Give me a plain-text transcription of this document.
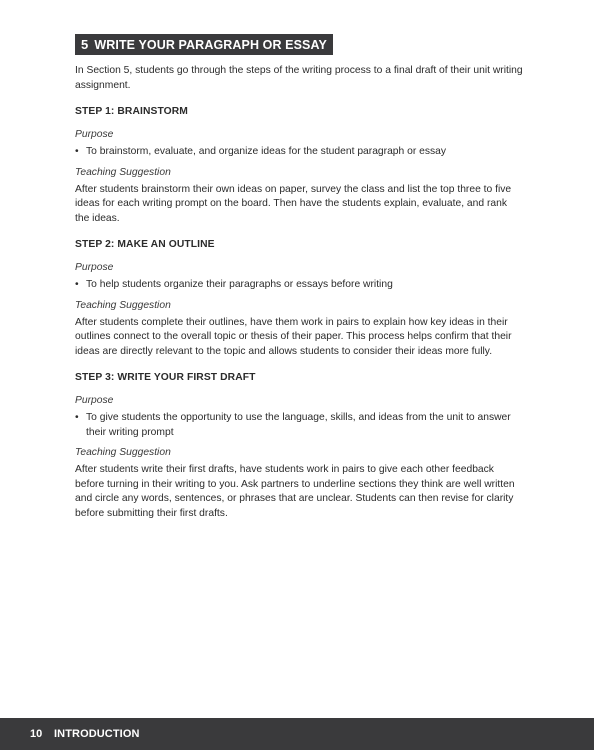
5 WRITE YOUR PARAGRAPH OR ESSAY

In Section 5, students go through the steps of the writing process to a final draft of their unit writing assignment.

STEP 1: BRAINSTORM
Purpose
• To brainstorm, evaluate, and organize ideas for the student paragraph or essay
Teaching Suggestion

After students brainstorm their own ideas on paper, survey the class and list the top three to five ideas for each writing prompt on the board. Then have the students explain, evaluate, and rank the ideas.

STEP 2: MAKE AN OUTLINE
Purpose
• To help students organize their paragraphs or essays before writing
Teaching Suggestion

After students complete their outlines, have them work in pairs to explain how key ideas in their outlines connect to the overall topic or thesis of their paper. This process helps confirm that their ideas are directly relevant to the topic and allows students to consider their ideas more fully.

STEP 3: WRITE YOUR FIRST DRAFT
Purpose
• To give students the opportunity to use the language, skills, and ideas from the unit to answer their writing prompt
Teaching Suggestion

After students write their first drafts, have students work in pairs to give each other feedback before turning in their writing to you. Ask partners to underline sections they think are well written and circle any words, sentences, or phrases that are unclear. Students can then revise for clarity before submitting their first drafts.

10 INTRODUCTION
